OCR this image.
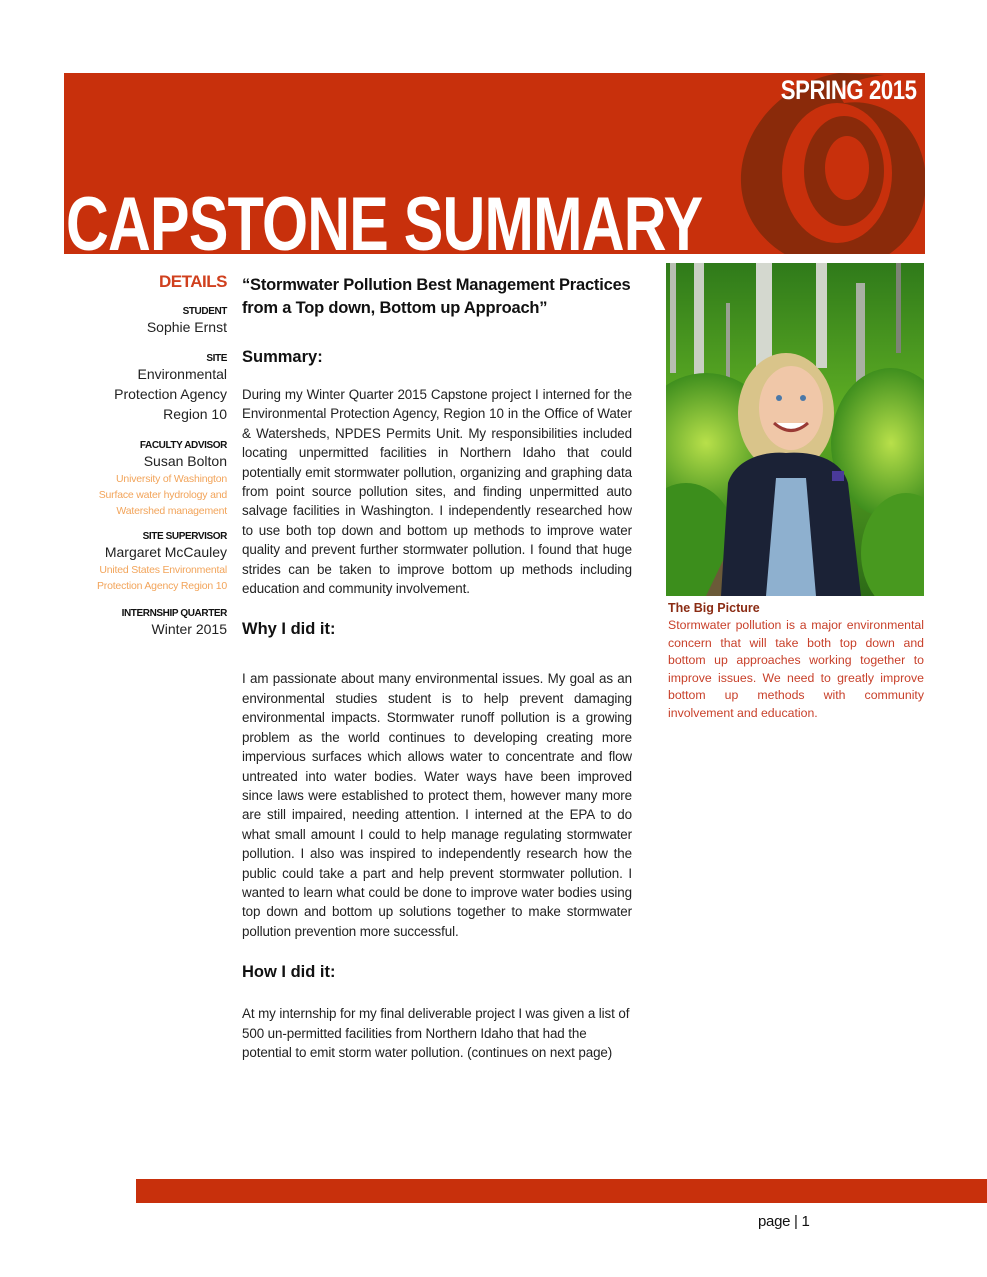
SPRING 2015
CAPSTONE SUMMARY
DETAILS
STUDENT
Sophie Ernst
SITE
Environmental
Protection Agency
Region 10
FACULTY ADVISOR
Susan Bolton
University of Washington
Surface water hydrology and
Watershed management
SITE SUPERVISOR
Margaret McCauley
United States Environmental
Protection Agency Region 10
INTERNSHIP QUARTER
Winter 2015
“Stormwater Pollution Best Management Practices from a Top down, Bottom up Approach”
Summary:

During my Winter Quarter 2015 Capstone project I interned for the Environmental Protection Agency, Region 10 in the Office of Water & Watersheds, NPDES Permits Unit. My responsibilities included locating unpermitted facilities in Northern Idaho that could potentially emit stormwater pollution, organizing and graphing data from point source pollution sites, and finding unpermitted auto salvage facilities in Washington. I independently researched how to use both top down and bottom up methods to improve water quality and prevent further stormwater pollution. I found that huge strides can be taken to improve bottom up methods including education and community involvement.

Why I did it:

I am passionate about many environmental issues. My goal as an environmental studies student is to help prevent damaging environmental impacts. Stormwater runoff pollution is a growing problem as the world continues to developing creating more impervious surfaces which allows water to concentrate and flow untreated into water bodies. Water ways have been improved since laws were established to protect them, however many more are still impaired, needing attention. I interned at the EPA to do what small amount I could to help manage regulating stormwater pollution. I also was inspired to independently research how the public could take a part and help prevent stormwater pollution. I wanted to learn what could be done to improve water bodies using top down and bottom up solutions together to make stormwater pollution prevention more successful.

How I did it:

At my internship for my final deliverable project I was given a list of 500 un-permitted facilities from Northern Idaho that had the potential to emit storm water pollution. (continues on next page)

The Big Picture
Stormwater pollution is a major environmental concern that will take both top down and bottom up approaches working together to improve issues. We need to greatly improve bottom up methods with community involvement and education.
page | 1
